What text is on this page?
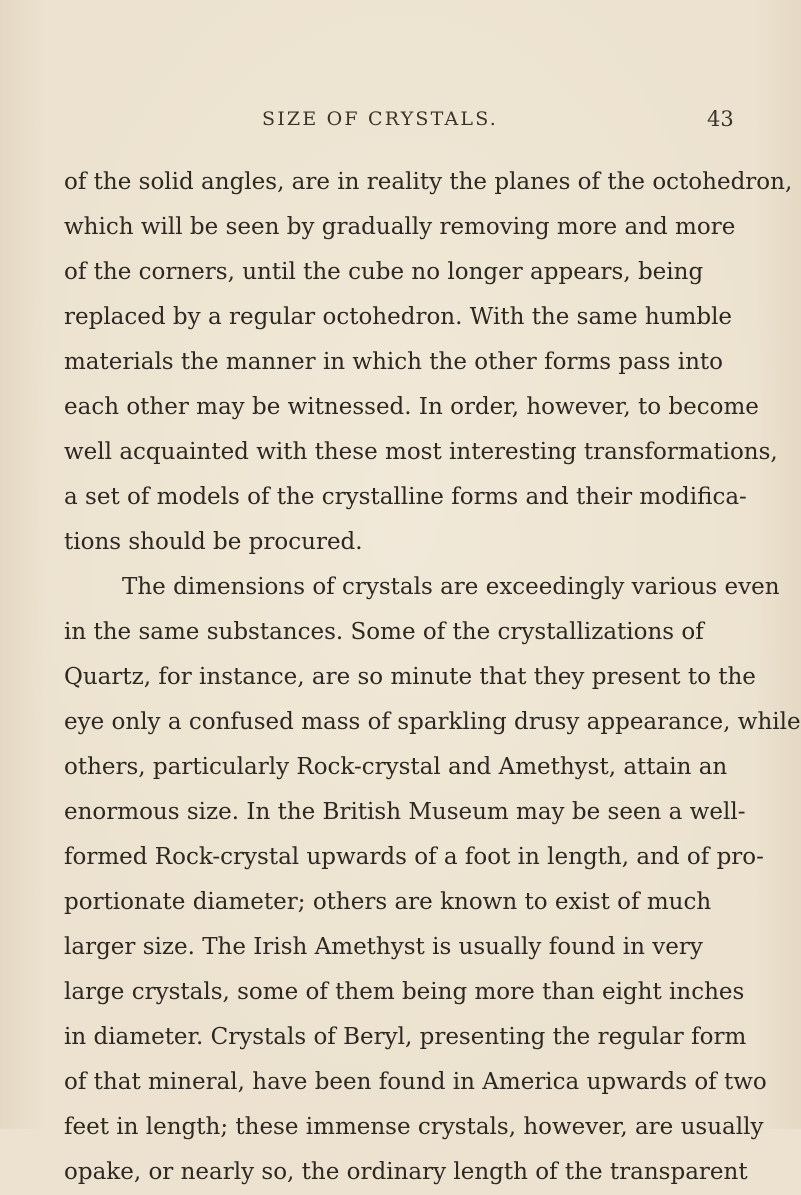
SIZE OF CRYSTALS.	43
of the solid angles, are in reality the planes of the octohedron,
which will be seen by gradually removing more and more
of the corners, until the cube no longer appears, being
replaced by a regular octohedron. With the same humble
materials the manner in which the other forms pass into
each other may be witnessed. In order, however, to become
well acquainted with these most interesting transformations,
a set of models of the crystalline forms and their modifica-
tions should be procured.
The dimensions of crystals are exceedingly various even
in the same substances. Some of the crystallizations of
Quartz, for instance, are so minute that they present to the
eye only a confused mass of sparkling drusy appearance, while
others, particularly Rock-crystal and Amethyst, attain an
enormous size. In the British Museum may be seen a well-
formed Rock-crystal upwards of a foot in length, and of pro-
portionate diameter; others are known to exist of much
larger size. The Irish Amethyst is usually found in very
large crystals, some of them being more than eight inches
in diameter. Crystals of Beryl, presenting the regular form
of that mineral, have been found in America upwards of two
feet in length; these immense crystals, however, are usually
opake, or nearly so, the ordinary length of the transparent
